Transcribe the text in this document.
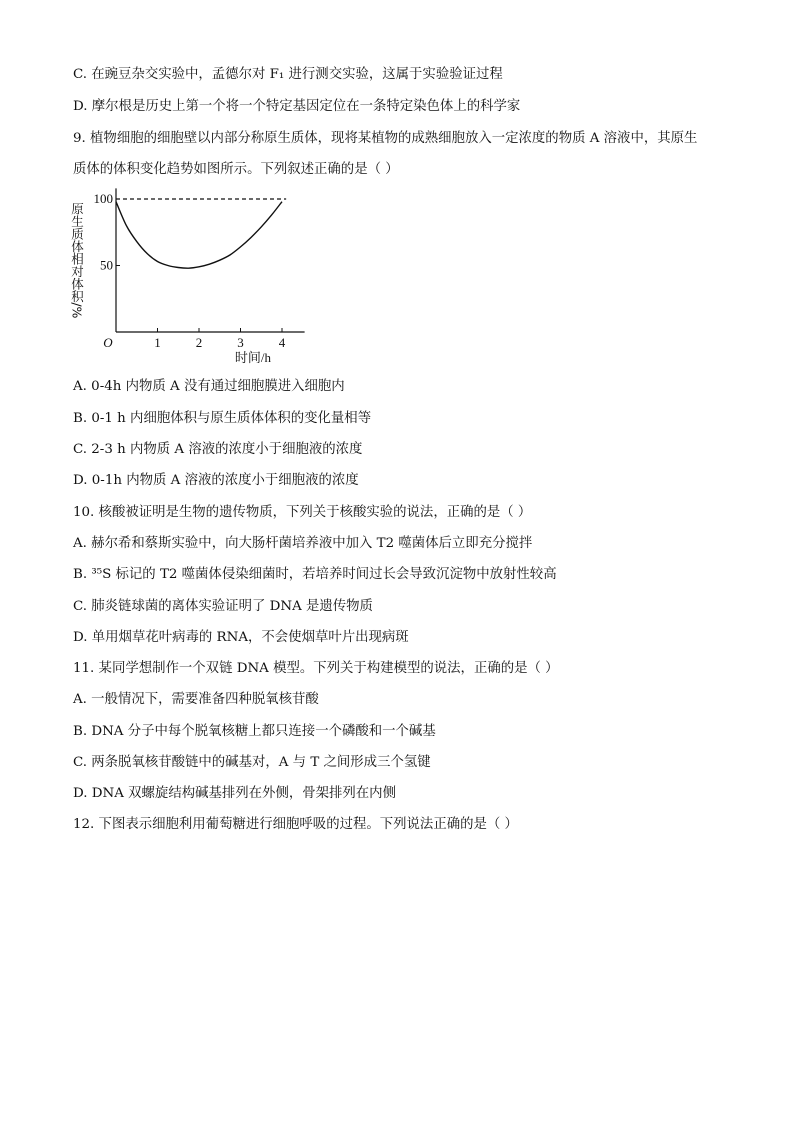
C. 在豌豆杂交实验中，孟德尔对 F₁ 进行测交实验，这属于实验验证过程
D. 摩尔根是历史上第一个将一个特定基因定位在一条特定染色体上的科学家
9. 植物细胞的细胞壁以内部分称原生质体，现将某植物的成熟细胞放入一定浓度的物质 A 溶液中，其原生
质体的体积变化趋势如图所示。下列叙述正确的是（ ）
1	2	3	4
50
100
O
时间/h
原生质体相对体积/%
A. 0-4h 内物质 A 没有通过细胞膜进入细胞内
B. 0-1 h 内细胞体积与原生质体体积的变化量相等
C. 2-3 h 内物质 A 溶液的浓度小于细胞液的浓度
D. 0-1h 内物质 A 溶液的浓度小于细胞液的浓度
10. 核酸被证明是生物的遗传物质，下列关于核酸实验的说法，正确的是（ ）
A. 赫尔希和蔡斯实验中，向大肠杆菌培养液中加入 T2 噬菌体后立即充分搅拌
B. ³⁵S 标记的 T2 噬菌体侵染细菌时，若培养时间过长会导致沉淀物中放射性较高
C. 肺炎链球菌的离体实验证明了 DNA 是遗传物质
D. 单用烟草花叶病毒的 RNA，不会使烟草叶片出现病斑
11. 某同学想制作一个双链 DNA 模型。下列关于构建模型的说法，正确的是（ ）
A. 一般情况下，需要准备四种脱氧核苷酸
B. DNA 分子中每个脱氧核糖上都只连接一个磷酸和一个碱基
C. 两条脱氧核苷酸链中的碱基对，A 与 T 之间形成三个氢键
D. DNA 双螺旋结构碱基排列在外侧，骨架排列在内侧
12. 下图表示细胞利用葡萄糖进行细胞呼吸的过程。下列说法正确的是（ ）
